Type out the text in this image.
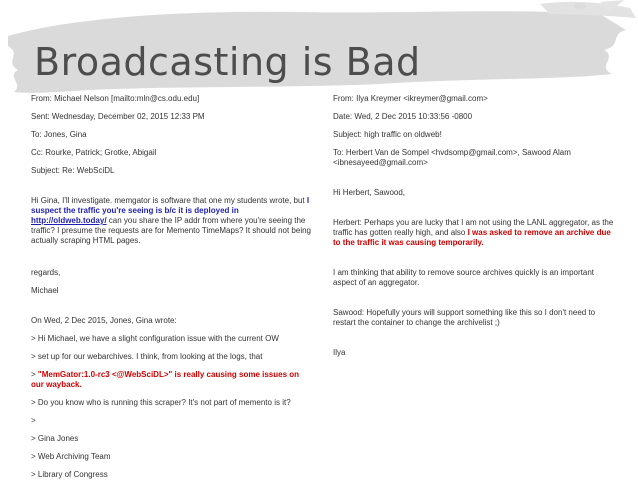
Broadcasting is Bad

From: Michael Nelson [mailto:mln@cs.odu.edu]

Sent: Wednesday, December 02, 2015 12:33 PM

To: Jones, Gina

Cc: Rourke, Patrick; Grotke, Abigail

Subject: Re: WebSciDL

Hi Gina, I'll investigate. memgator is software that one my students wrote, but I suspect the traffic you're seeing is b/c it is deployed in http://oldweb.today/ can you share the IP addr from where you're seeing the traffic? I presume the requests are for Memento TimeMaps? It should not being actually scraping HTML pages.

regards,

Michael

On Wed, 2 Dec 2015, Jones, Gina wrote:

> Hi Michael, we have a slight configuration issue with the current OW

> set up for our webarchives. I think, from looking at the logs, that

> "MemGator:1.0-rc3 <@WebSciDL>" is really causing some issues on our wayback.

> Do you know who is running this scraper? It's not part of memento is it?

>

> Gina Jones

> Web Archiving Team

> Library of Congress

From: Ilya Kreymer <ikreymer@gmail.com>

Date: Wed, 2 Dec 2015 10:33:56 -0800

Subject: high traffic on oldweb!

To: Herbert Van de Sompel <hvdsomp@gmail.com>, Sawood Alam <ibnesayeed@gmail.com>

Hi Herbert, Sawood,

Herbert: Perhaps you are lucky that I am not using the LANL aggregator, as the traffic has gotten really high, and also I was asked to remove an archive due to the traffic it was causing temporarily.

I am thinking that ability to remove source archives quickly is an important aspect of an aggregator.

Sawood: Hopefully yours will support something like this so I don't need to restart the container to change the archivelist ;)

Ilya
